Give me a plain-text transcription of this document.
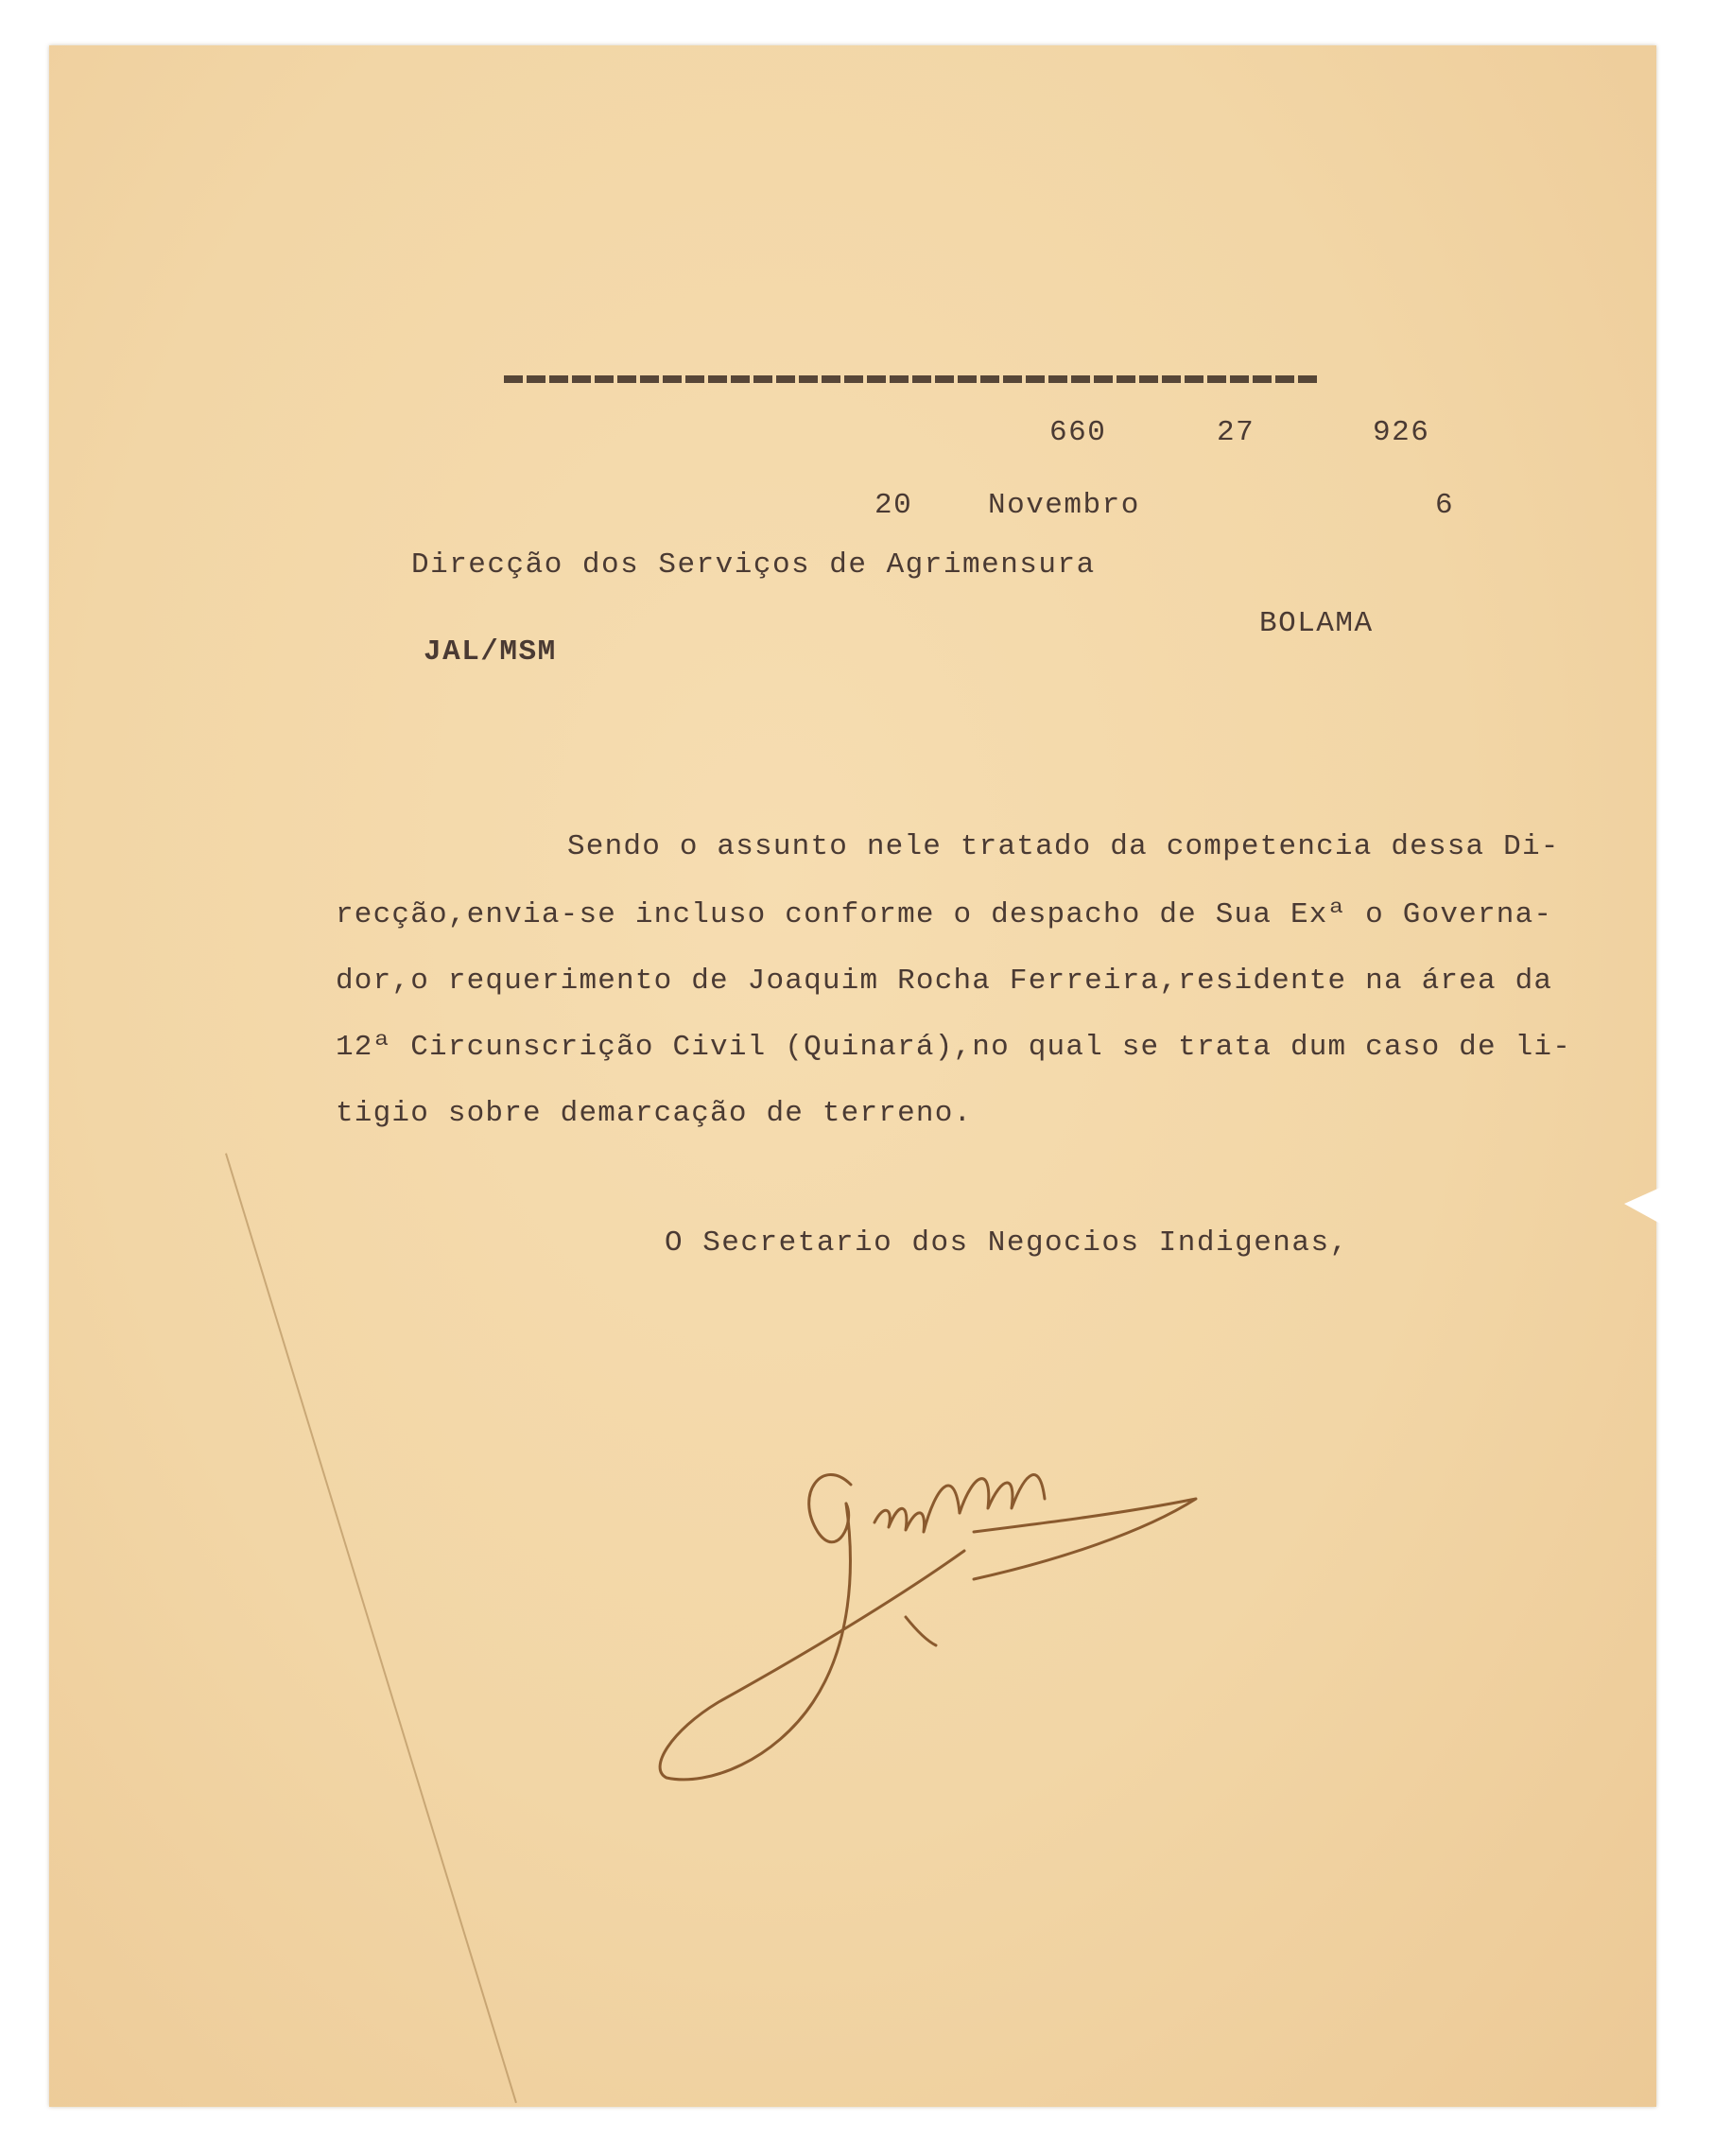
660	27	926
20	Novembro	6
Direcção dos Serviços de Agrimensura
BOLAMA
JAL/MSM
Sendo o assunto nele tratado da competencia dessa Di-
recção,envia-se incluso conforme o despacho de Sua Exª o Governa-
dor,o requerimento de Joaquim Rocha Ferreira,residente na área da
12ª Circunscrição Civil (Quinará),no qual se trata dum caso de li-
tigio sobre demarcação de terreno.
O Secretario dos Negocios Indigenas,
